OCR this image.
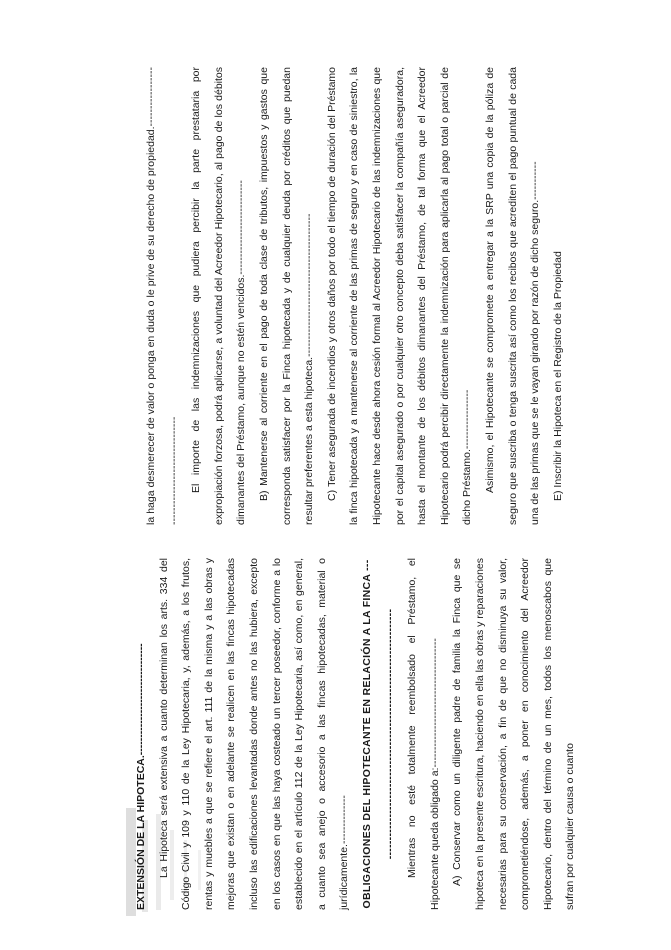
EXTENSIÓN DE LA HIPOTECA.--------------------------------	La Hipoteca será extensiva a cuanto determinan los arts. 334 del Código Civil y 109 y 110 de la Ley Hipotecaria, y, además, a los frutos, rentas y muebles a que se refiere el art. 111 de la misma y a las obras y mejoras que existan o en adelante se realicen en las fincas hipotecadas incluso las edificaciones levantadas donde antes no las hubiera, excepto en los casos en que las haya costeado un tercer poseedor, conforme a lo establecido en el artículo 112 de la Ley Hipotecaria, así como, en general, a cuanto sea anejo o accesorio a las fincas hipotecadas, material o jurídicamente.--------------	OBLIGACIONES DEL HIPOTECANTE EN RELACIÓN A LA FINCA ---------------------------------------------------------------------	Mientras no esté totalmente reembolsado el Préstamo, el Hipotecante queda obligado a:-------------------------------------	A) Conservar como un diligente padre de familia la Finca que se hipoteca en la presente escritura, haciendo en ella las obras y reparaciones necesarias para su conservación, a fin de que no disminuya su valor, comprometiéndose, además, a poner en conocimiento del Acreedor Hipotecario, dentro del término de un mes, todos los menoscabos que sufran por cualquier causa o cuanto

la haga desmerecer de valor o ponga en duda o le prive de su derecho de propiedad.------------------------------------------------	El importe de las indemnizaciones que pudiera percibir la parte prestataria por expropiación forzosa, podrá aplicarse, a voluntad del Acreedor Hipotecario, al pago de los débitos dimanantes del Préstamo, aunque no estén vencidos.---------------------------	B) Mantenerse al corriente en el pago de toda clase de tributos, impuestos y gastos que corresponda satisfacer por la Finca hipotecada y de cualquier deuda por créditos que puedan resultar preferentes a esta hipoteca.-----------------------------------------	C) Tener asegurada de incendios y otros daños por todo el tiempo de duración del Préstamo la finca hipotecada y a mantenerse al corriente de las primas de seguro y en caso de siniestro, la Hipotecante hace desde ahora cesión formal al Acreedor Hipotecario de las indemnizaciones que por el capital asegurado o por cualquier otro concepto deba satisfacer la compañía aseguradora, hasta el montante de los débitos dimanantes del Préstamo, de tal forma que el Acreedor Hipotecario podrá percibir directamente la indemnización para aplicarla al pago total o parcial de dicho Préstamo.-----------------	Asimismo, el Hipotecante se compromete a entregar a la SRP una copia de la póliza de seguro que suscriba o tenga suscrita así como los recibos que acrediten el pago puntual de cada una de las primas que se le vayan girando por razón de dicho seguro.-----------	E) Inscribir la Hipoteca en el Registro de la Propiedad
